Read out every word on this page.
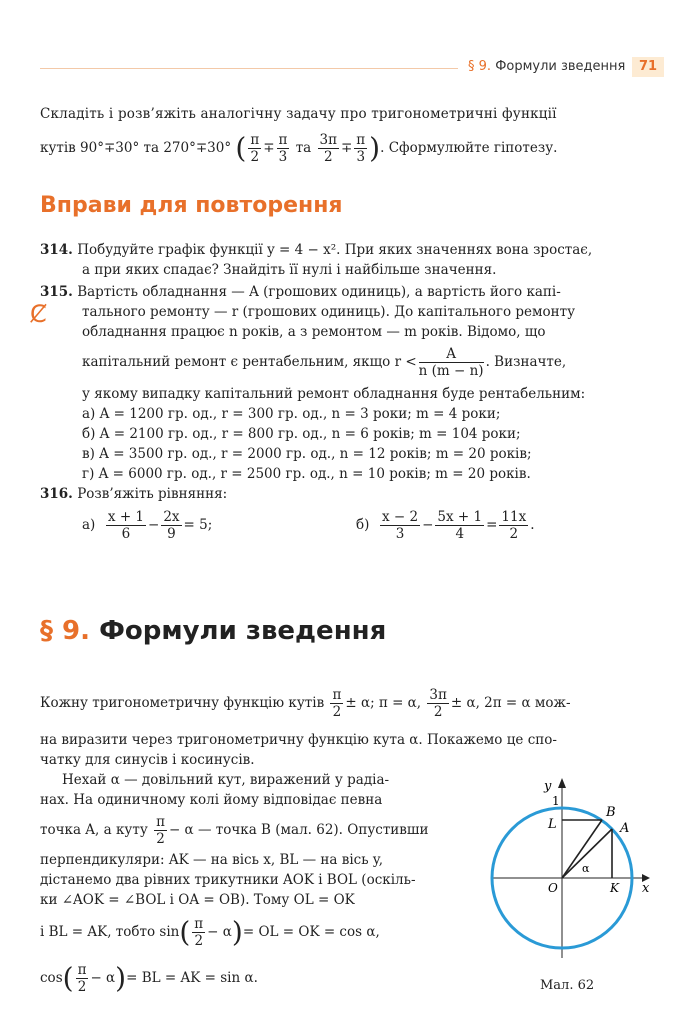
§ 9. Формули зведення	71
Складіть і розв’яжіть аналогічну задачу про тригонометричні функції
кутів 90°∓30° та 270°∓30° ( $\frac{\pi}{2} \mp \frac{\pi}{3}$ та $\frac{3\pi}{2} \mp \frac{\pi}{3}$ ). Сформулюйте гіпотезу.
Вправи для повторення
314. Побудуйте графік функції y = 4 − x². При яких значеннях вона зростає,
а при яких спадає? Знайдіть її нулі і найбільше значення.
Ȼ
315. Вартість обладнання — A (грошових одиниць), а вартість його капі-
тального ремонту — r (грошових одиниць). До капітального ремонту
обладнання працює n років, а з ремонтом — m років. Відомо, що
капітальний ремонт є рентабельним, якщо $r < \frac{A}{n (m - n)}$ . Визначте,
у якому випадку капітальний ремонт обладнання буде рентабельним:
а) A = 1200 гр. од., r = 300 гр. од., n = 3 роки; m = 4 роки;
б) A = 2100 гр. од., r = 800 гр. од., n = 6 років; m = 104 роки;
в) A = 3500 гр. од., r = 2000 гр. од., n = 12 років; m = 20 років;
г) A = 6000 гр. од., r = 2500 гр. од., n = 10 років; m = 20 років.
316. Розв’яжіть рівняння:
$а) \frac{x + 1}{6} - \frac{2x}{9} = 5$;	$б) \frac{x - 2}{3} - \frac{5x + 1}{4} = \frac{11x}{2}$ .
§ 9. Формули зведення
Кожну тригонометричну функцію кутів $\frac{\pi}{2} \pm \alpha$; π = α, $\frac{3\pi}{2} \pm \alpha$, 2π = α мож-
на виразити через тригонометричну функцію кута α. Покажемо це спо-
чатку для синусів і косинусів.
Нехай α — довільний кут, виражений у радіа-
нах. На одиничному колі йому відповідає певна
точка A, а куту $\frac{\pi}{2} - \alpha$ — точка B (мал. 62). Опустивши
перпендикуляри: AK — на вісь x, BL — на вісь y,
дістанемо два рівних трикутники AOK і BOL (оскіль-
ки ∠AOK = ∠BOL і OA = OB). Тому OL = OK
і BL = AK, тобто $\sin( \frac{\pi}{2} - \alpha)=$ OL = OK = cos α,
$\cos( \frac{\pi}{2} - \alpha)=$ BL = AK = sin α.
y
1
B
L	A
O	K x
α
Мал. 62
